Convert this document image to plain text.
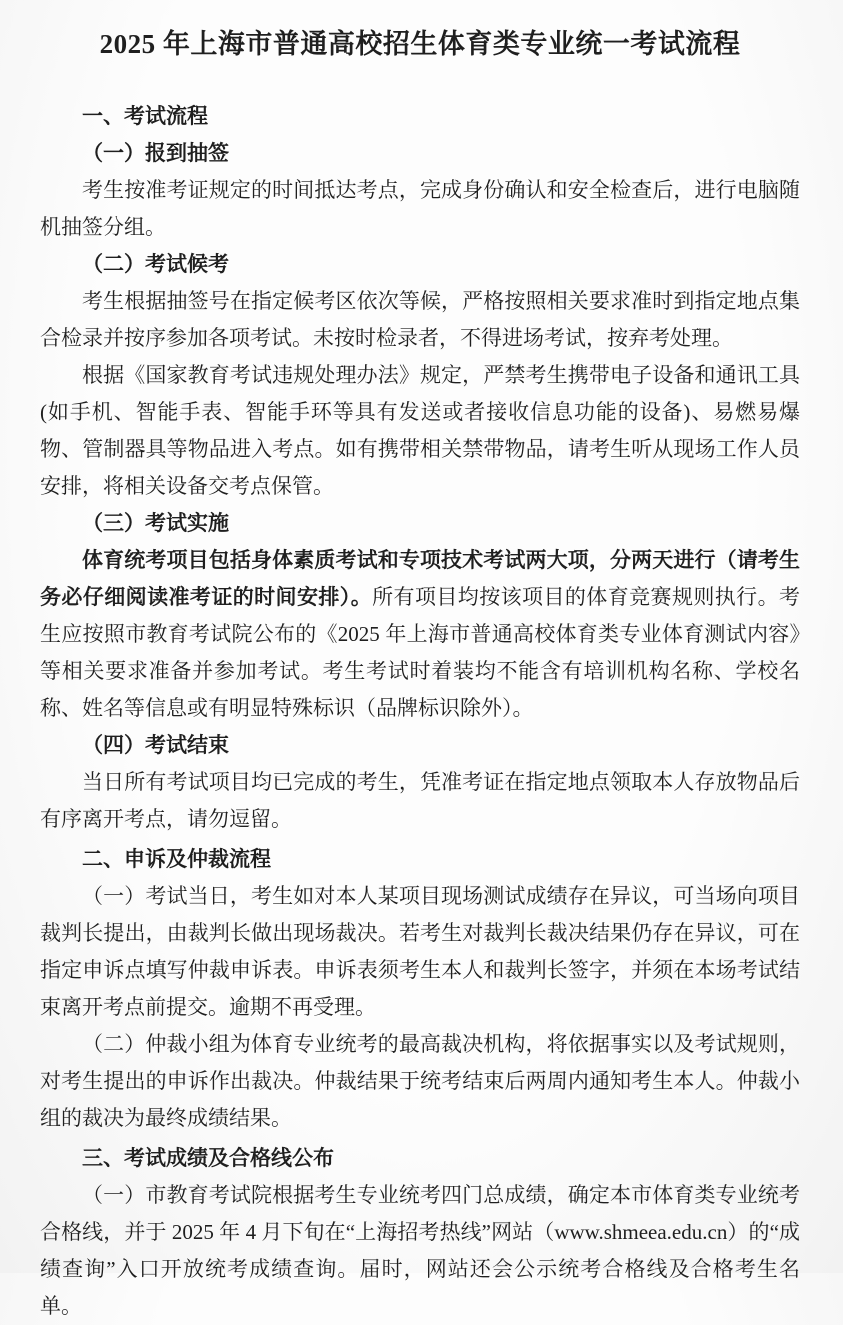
2025 年上海市普通高校招生体育类专业统一考试流程
一、考试流程
（一）报到抽签

考生按准考证规定的时间抵达考点，完成身份确认和安全检查后，进行电脑随机抽签分组。

（二）考试候考

考生根据抽签号在指定候考区依次等候，严格按照相关要求准时到指定地点集合检录并按序参加各项考试。未按时检录者，不得进场考试，按弃考处理。

根据《国家教育考试违规处理办法》规定，严禁考生携带电子设备和通讯工具 (如手机、智能手表、智能手环等具有发送或者接收信息功能的设备)、易燃易爆物、管制器具等物品进入考点。如有携带相关禁带物品，请考生听从现场工作人员安排，将相关设备交考点保管。

（三）考试实施

体育统考项目包括身体素质考试和专项技术考试两大项，分两天进行（请考生务必仔细阅读准考证的时间安排）。所有项目均按该项目的体育竞赛规则执行。考生应按照市教育考试院公布的《2025 年上海市普通高校体育类专业体育测试内容》等相关要求准备并参加考试。考生考试时着装均不能含有培训机构名称、学校名称、姓名等信息或有明显特殊标识（品牌标识除外）。

（四）考试结束

当日所有考试项目均已完成的考生，凭准考证在指定地点领取本人存放物品后有序离开考点，请勿逗留。

二、申诉及仲裁流程

（一）考试当日，考生如对本人某项目现场测试成绩存在异议，可当场向项目裁判长提出，由裁判长做出现场裁决。若考生对裁判长裁决结果仍存在异议，可在指定申诉点填写仲裁申诉表。申诉表须考生本人和裁判长签字，并须在本场考试结束离开考点前提交。逾期不再受理。

（二）仲裁小组为体育专业统考的最高裁决机构，将依据事实以及考试规则，对考生提出的申诉作出裁决。仲裁结果于统考结束后两周内通知考生本人。仲裁小组的裁决为最终成绩结果。

三、考试成绩及合格线公布

（一）市教育考试院根据考生专业统考四门总成绩，确定本市体育类专业统考合格线，并于 2025 年 4 月下旬在“上海招考热线”网站（www.shmeea.edu.cn）的“成绩查询”入口开放统考成绩查询。届时，网站还会公示统考合格线及合格考生名单。
